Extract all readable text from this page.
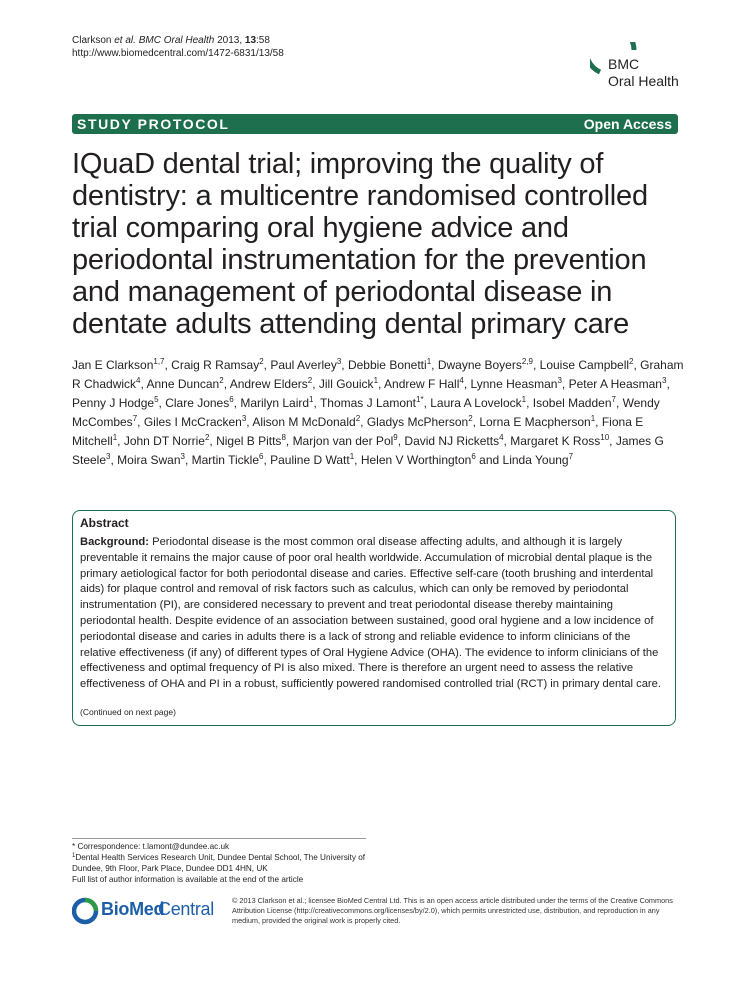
Clarkson et al. BMC Oral Health 2013, 13:58
http://www.biomedcentral.com/1472-6831/13/58
BMC
Oral Health
STUDY PROTOCOL	Open Access
IQuaD dental trial; improving the quality of dentistry: a multicentre randomised controlled trial comparing oral hygiene advice and periodontal instrumentation for the prevention and management of periodontal disease in dentate adults attending dental primary care
Jan E Clarkson$^{1,7}$, Craig R Ramsay$^2$, Paul Averley$^3$, Debbie Bonetti$^1$, Dwayne Boyers$^{2,9}$, Louise Campbell$^2$, Graham R Chadwick$^4$, Anne Duncan$^2$, Andrew Elders$^2$, Jill Gouick$^1$, Andrew F Hall$^4$, Lynne Heasman$^3$, Peter A Heasman$^3$, Penny J Hodge$^5$, Clare Jones$^6$, Marilyn Laird$^1$, Thomas J Lamont$^{1*}$, Laura A Lovelock$^1$, Isobel Madden$^7$, Wendy McCombes$^7$, Giles I McCracken$^3$, Alison M McDonald$^2$, Gladys McPherson$^2$, Lorna E Macpherson$^1$, Fiona E Mitchell$^1$, John DT Norrie$^2$, Nigel B Pitts$^8$, Marjon van der Pol$^9$, David NJ Ricketts$^4$, Margaret K Ross$^{10}$, James G Steele$^3$, Moira Swan$^3$, Martin Tickle$^6$, Pauline D Watt$^1$, Helen V Worthington$^6$ and Linda Young$^7$
Abstract

Background: Periodontal disease is the most common oral disease affecting adults, and although it is largely preventable it remains the major cause of poor oral health worldwide. Accumulation of microbial dental plaque is the primary aetiological factor for both periodontal disease and caries. Effective self-care (tooth brushing and interdental aids) for plaque control and removal of risk factors such as calculus, which can only be removed by periodontal instrumentation (PI), are considered necessary to prevent and treat periodontal disease thereby maintaining periodontal health. Despite evidence of an association between sustained, good oral hygiene and a low incidence of periodontal disease and caries in adults there is a lack of strong and reliable evidence to inform clinicians of the relative effectiveness (if any) of different types of Oral Hygiene Advice (OHA). The evidence to inform clinicians of the effectiveness and optimal frequency of PI is also mixed. There is therefore an urgent need to assess the relative effectiveness of OHA and PI in a robust, sufficiently powered randomised controlled trial (RCT) in primary dental care.

(Continued on next page)
* Correspondence: t.lamont@dundee.ac.uk
$^1$Dental Health Services Research Unit, Dundee Dental School, The University of Dundee, 9th Floor, Park Place, Dundee DD1 4HN, UK
Full list of author information is available at the end of the article
BioMed
Central © 2013 Clarkson et al.; licensee BioMed Central Ltd. This is an open access article distributed under the terms of the Creative Commons Attribution License (http://creativecommons.org/licenses/by/2.0), which permits unrestricted use, distribution, and reproduction in any medium, provided the original work is properly cited.
